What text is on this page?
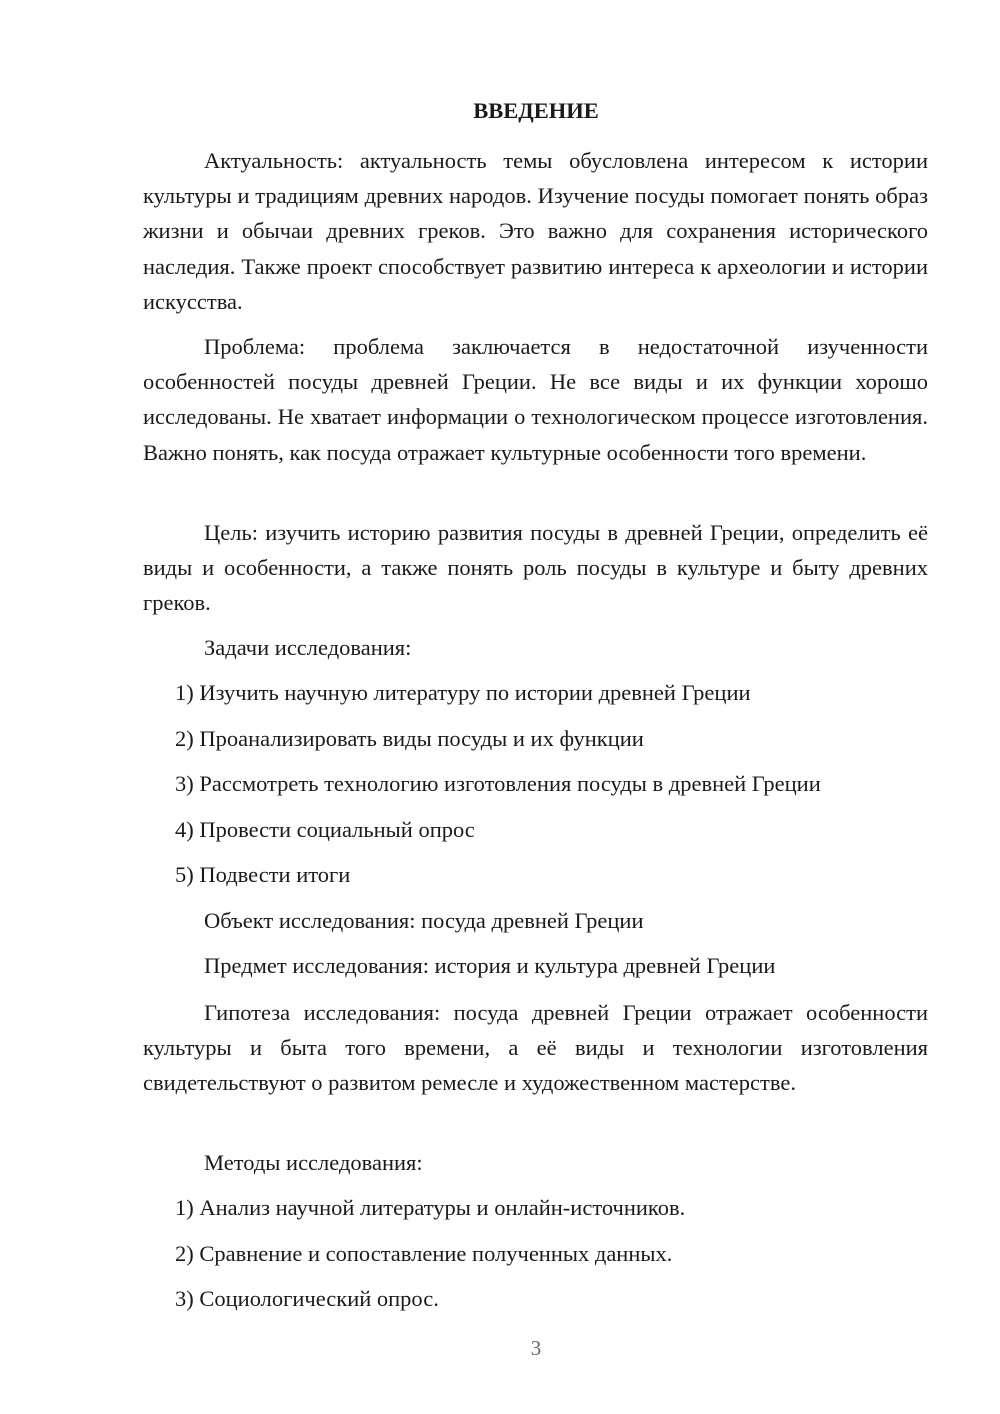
ВВЕДЕНИЕ

Актуальность: актуальность темы обусловлена интересом к истории культуры и традициям древних народов. Изучение посуды помогает понять образ жизни и обычаи древних греков. Это важно для сохранения исторического наследия. Также проект способствует развитию интереса к археологии и истории искусства.

Проблема: проблема заключается в недостаточной изученности особенностей посуды древней Греции. Не все виды и их функции хорошо исследованы. Не хватает информации о технологическом процессе изготовления. Важно понять, как посуда отражает культурные особенности того времени.

Цель: изучить историю развития посуды в древней Греции, определить её виды и особенности, а также понять роль посуды в культуре и быту древних греков.

Задачи исследования:

1) Изучить научную литературу по истории древней Греции

2) Проанализировать виды посуды и их функции

3) Рассмотреть технологию изготовления посуды в древней Греции

4) Провести социальный опрос

5) Подвести итоги

Объект исследования: посуда древней Греции

Предмет исследования: история и культура древней Греции

Гипотеза исследования: посуда древней Греции отражает особенности культуры и быта того времени, а её виды и технологии изготовления свидетельствуют о развитом ремесле и художественном мастерстве.

Методы исследования:

1) Анализ научной литературы и онлайн-источников.

2) Сравнение и сопоставление полученных данных.

3) Социологический опрос.

3
